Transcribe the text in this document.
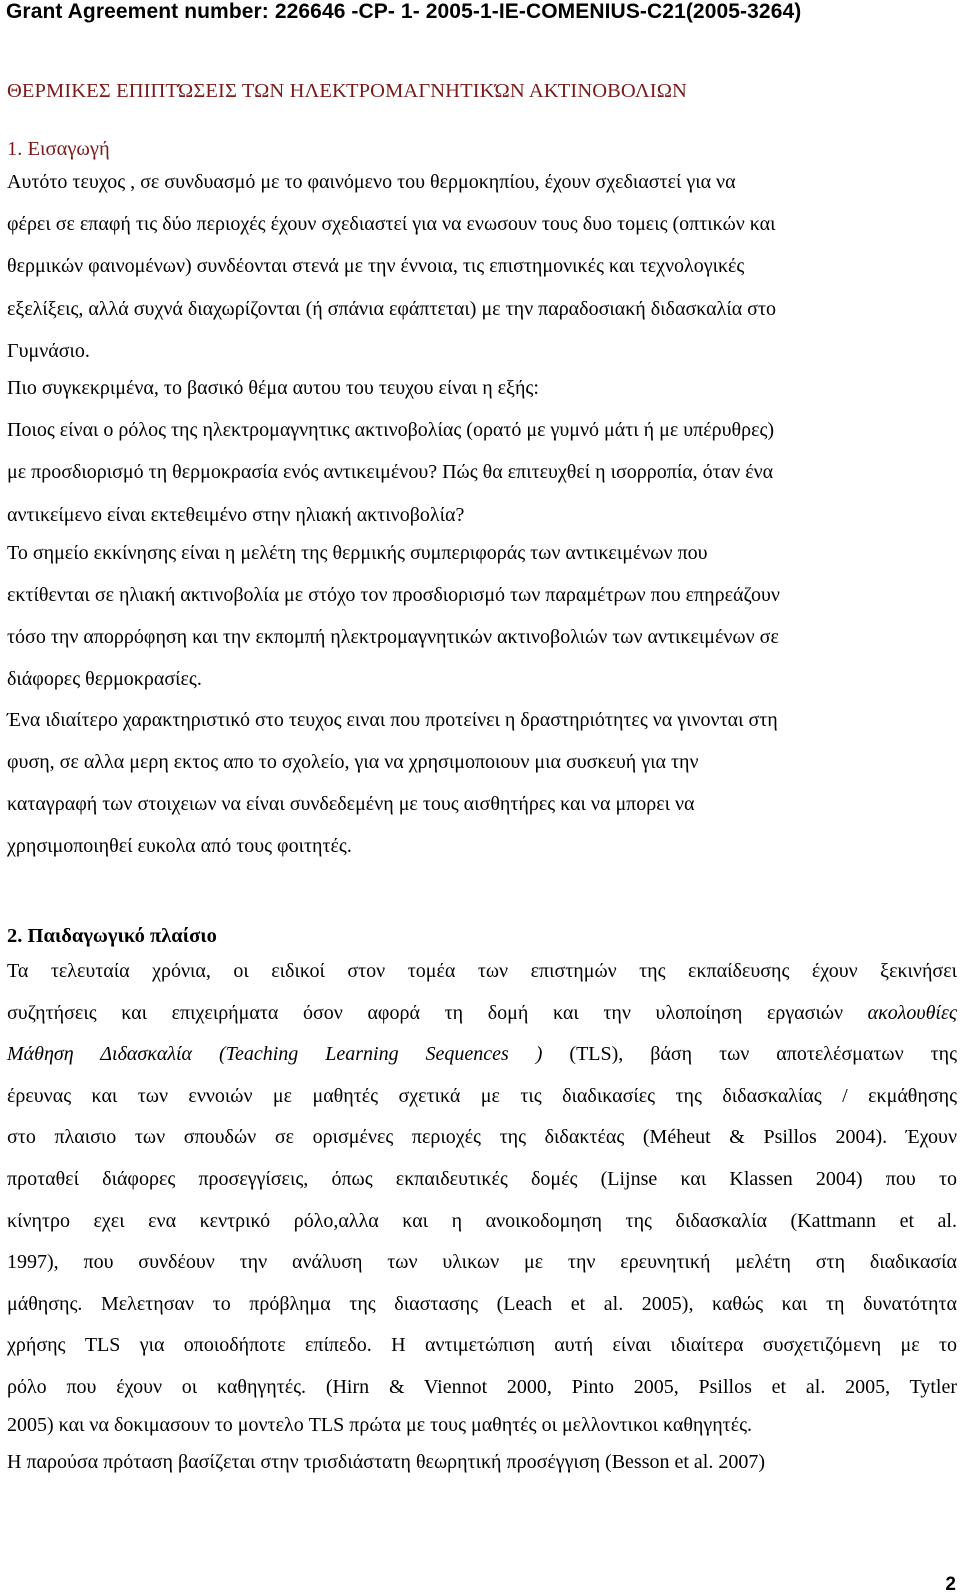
Grant Agreement number: 226646 -CP- 1- 2005-1-IE-COMENIUS-C21(2005-3264)
ΘΕΡΜΙΚΕΣ ΕΠΙΠΤΏΣΕΙΣ ΤΩΝ ΗΛΕΚΤΡΟΜΑΓΝΗΤΙΚΏΝ ΑΚΤΙΝΟΒΟΛΙΩΝ
1. Εισαγωγή

Αυτότο τευχος , σε συνδυασμό με το φαινόμενο του θερμοκηπίου, έχουν σχεδιαστεί για να
φέρει σε επαφή τις δύο περιοχές έχουν σχεδιαστεί για να ενωσουν τους δυο τομεις (οπτικών και
θερμικών φαινομένων) συνδέονται στενά με την έννοια, τις επιστημονικές και τεχνολογικές
εξελίξεις, αλλά συχνά διαχωρίζονται (ή σπάνια εφάπτεται) με την παραδοσιακή διδασκαλία στο
Γυμνάσιο.

Πιο συγκεκριμένα, το βασικό θέμα αυτου του τευχου είναι η εξής:
Ποιος είναι ο ρόλος της ηλεκτρομαγνητικς ακτινοβολίας (ορατό με γυμνό μάτι ή με υπέρυθρες)
με προσδιορισμό τη θερμοκρασία ενός αντικειμένου? Πώς θα επιτευχθεί η ισορροπία, όταν ένα
αντικείμενο είναι εκτεθειμένο στην ηλιακή ακτινοβολία?

Το σημείο εκκίνησης είναι η μελέτη της θερμικής συμπεριφοράς των αντικειμένων που
εκτίθενται σε ηλιακή ακτινοβολία με στόχο τον προσδιορισμό των παραμέτρων που επηρεάζουν
τόσο την απορρόφηση και την εκπομπή ηλεκτρομαγνητικών ακτινοβολιών των αντικειμένων σε
διάφορες θερμοκρασίες.

Ένα ιδιαίτερο χαρακτηριστικό στο τευχος ειναι που προτείνει η δραστηριότητες να γινονται στη
φυση, σε αλλα μερη εκτος απο το σχολείο, για να χρησιμοποιουν μια συσκευή για την
καταγραφή των στοιχειων να είναι συνδεδεμένη με τους αισθητήρες και να μπορει να
χρησιμοποιηθεί ευκολα από τους φοιτητές.

2. Παιδαγωγικό πλαίσιο
Τα τελευταία χρόνια, οι ειδικοί στον τομέα των επιστημών της εκπαίδευσης έχουν ξεκινήσει
συζητήσεις και επιχειρήματα όσον αφορά τη δομή και την υλοποίηση εργασιών ακολουθίες
Μάθηση Διδασκαλία (Teaching Learning Sequences ) (TLS), βάση των αποτελέσματων της
έρευνας και των εννοιών με μαθητές σχετικά με τις διαδικασίες της διδασκαλίας / εκμάθησης
στο πλαισιο των σπουδών σε ορισμένες περιοχές της διδακτέας (Méheut & Psillos 2004). Έχουν
προταθεί διάφορες προσεγγίσεις, όπως εκπαιδευτικές δομές (Lijnse και Klassen 2004) που το
κίνητρο εχει ενα κεντρικό ρόλο,αλλα και η ανοικοδομηση της διδασκαλία (Kattmann et al.
1997), που συνδέουν την ανάλυση των υλικων με την ερευνητική μελέτη στη διαδικασία
μάθησης. Μελετησαν το πρόβλημα της διαστασης (Leach et al. 2005), καθώς και τη δυνατότητα
χρήσης TLS για οποιοδήποτε επίπεδο. Η αντιμετώπιση αυτή είναι ιδιαίτερα συσχετιζόμενη με το
ρόλο που έχουν οι καθηγητές. (Hirn & Viennot 2000, Pinto 2005, Psillos et al. 2005, Tytler
2005) και να δοκιμασουν το μοντελο TLS πρώτα με τους μαθητές οι μελλοντικοι καθηγητές.
Η παρούσα πρόταση βασίζεται στην τρισδιάστατη θεωρητική προσέγγιση (Besson et al. 2007)
2
